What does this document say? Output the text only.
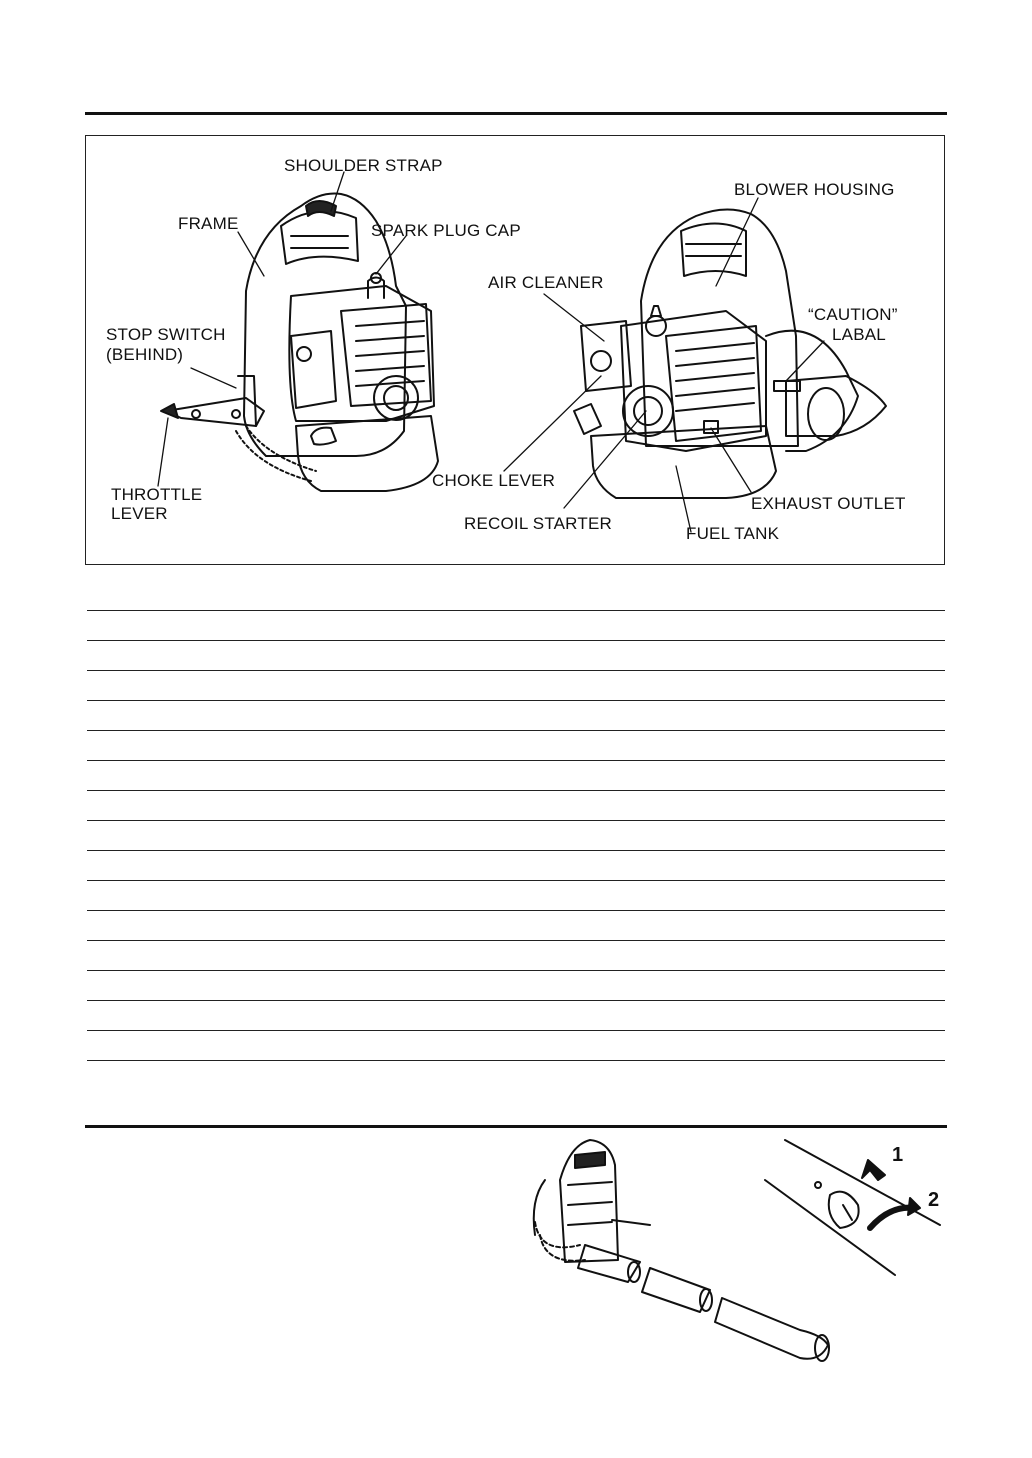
SHOULDER STRAP
FRAME	SPARK PLUG CAP
STOP SWITCH
(BEHIND)
THROTTLE
LEVER
BLOWER HOUSING
AIR CLEANER
“CAUTION”
LABAL
CHOKE LEVER
EXHAUST OUTLET
RECOIL STARTER
FUEL TANK

1
2
